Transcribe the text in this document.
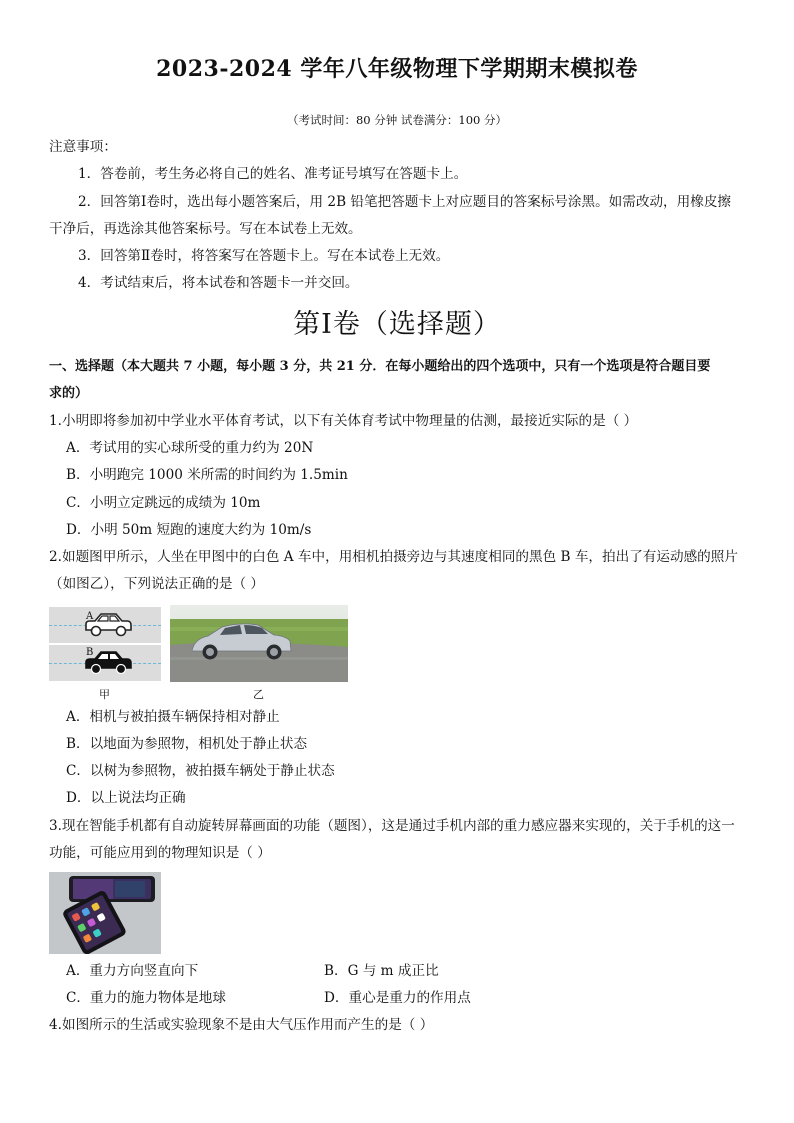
2023-2024 学年八年级物理下学期期末模拟卷
（考试时间：80 分钟 试卷满分：100 分）
注意事项：
1．答卷前，考生务必将自己的姓名、准考证号填写在答题卡上。
2．回答第Ⅰ卷时，选出每小题答案后，用 2B 铅笔把答题卡上对应题目的答案标号涂黑。如需改动，用橡皮擦
干净后，再选涂其他答案标号。写在本试卷上无效。
3．回答第Ⅱ卷时，将答案写在答题卡上。写在本试卷上无效。
4．考试结束后，将本试卷和答题卡一并交回。
第Ⅰ卷（选择题）
一、选择题（本大题共 7 小题，每小题 3 分，共 21 分．在每小题给出的四个选项中，只有一个选项是符合题目要
求的）
1.小明即将参加初中学业水平体育考试，以下有关体育考试中物理量的估测，最接近实际的是（ ）
A．考试用的实心球所受的重力约为 20N
B．小明跑完 1000 米所需的时间约为 1.5min
C．小明立定跳远的成绩为 10m
D．小明 50m 短跑的速度大约为 10m/s
2.如题图甲所示，人坐在甲图中的白色 A 车中，用相机拍摄旁边与其速度相同的黑色 B 车，拍出了有运动感的照片
（如图乙），下列说法正确的是（ ）
A
B
甲	乙
A．相机与被拍摄车辆保持相对静止
B．以地面为参照物，相机处于静止状态
C．以树为参照物，被拍摄车辆处于静止状态
D．以上说法均正确
3.现在智能手机都有自动旋转屏幕画面的功能（题图），这是通过手机内部的重力感应器来实现的，关于手机的这一
功能，可能应用到的物理知识是（ ）
A．重力方向竖直向下	B．G 与 m 成正比
C．重力的施力物体是地球	D．重心是重力的作用点
4.如图所示的生活或实验现象不是由大气压作用而产生的是（ ）
